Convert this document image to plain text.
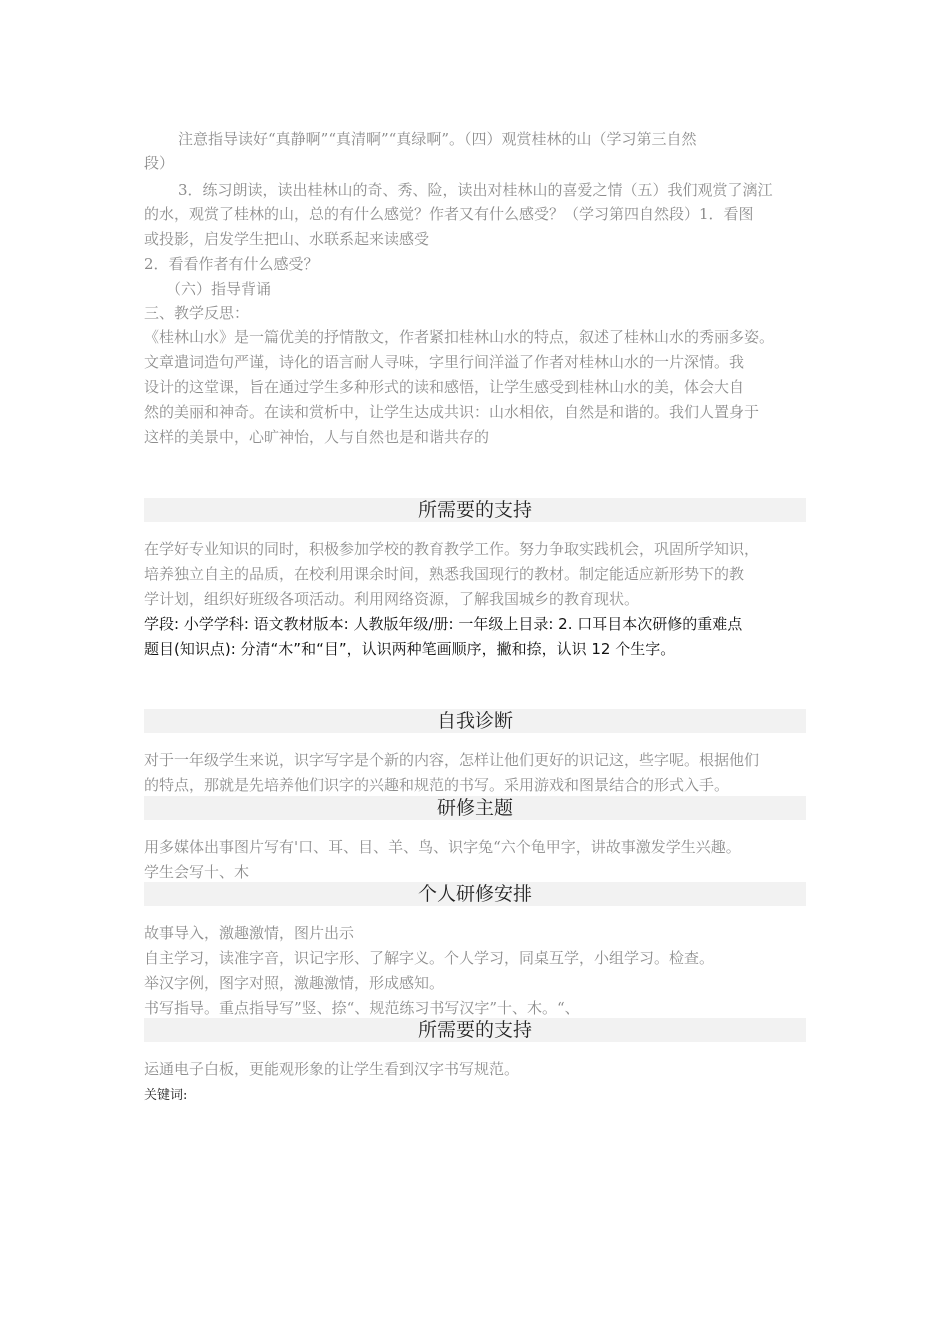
注意指导读好“真静啊”“真清啊”“真绿啊”。（四）观赏桂林的山（学习第三自然
段）
3．练习朗读，读出桂林山的奇、秀、险，读出对桂林山的喜爱之情（五）我们观赏了漓江
的水，观赏了桂林的山，总的有什么感觉？作者又有什么感受？（学习第四自然段）1．看图
或投影，启发学生把山、水联系起来读感受
2．看看作者有什么感受？
（六）指导背诵
三、教学反思：
《桂林山水》是一篇优美的抒情散文，作者紧扣桂林山水的特点，叙述了桂林山水的秀丽多姿。
文章遣词造句严谨，诗化的语言耐人寻味，字里行间洋溢了作者对桂林山水的一片深情。我
设计的这堂课，旨在通过学生多种形式的读和感悟，让学生感受到桂林山水的美，体会大自
然的美丽和神奇。在读和赏析中，让学生达成共识：山水相依，自然是和谐的。我们人置身于
这样的美景中，心旷神怡，人与自然也是和谐共存的
所需要的支持
在学好专业知识的同时，积极参加学校的教育教学工作。努力争取实践机会，巩固所学知识，
培养独立自主的品质，在校利用课余时间，熟悉我国现行的教材。制定能适应新形势下的教
学计划，组织好班级各项活动。利用网络资源，了解我国城乡的教育现状。
学段: 小学学科: 语文教材版本: 人教版年级/册: 一年级上目录: 2. 口耳目本次研修的重难点
题目(知识点): 分清“木”和“目”，认识两种笔画顺序，撇和捺，认识 12 个生字。
自我诊断
对于一年级学生来说，识字写字是个新的内容，怎样让他们更好的识记这，些字呢。根据他们
的特点，那就是先培养他们识字的兴趣和规范的书写。采用游戏和图景结合的形式入手。
研修主题
用多媒体出事图片写有'口、耳、目、羊、鸟、识字兔“六个龟甲字，讲故事激发学生兴趣。
学生会写十、木
个人研修安排
故事导入，激趣激情，图片出示
自主学习，读准字音，识记字形、了解字义。个人学习，同桌互学，小组学习。检查。
举汉字例，图字对照，激趣激情，形成感知。
书写指导。重点指导写”竖、捺“、规范练习书写汉字”十、木。“、
所需要的支持
运通电子白板，更能观形象的让学生看到汉字书写规范。
关键词:
